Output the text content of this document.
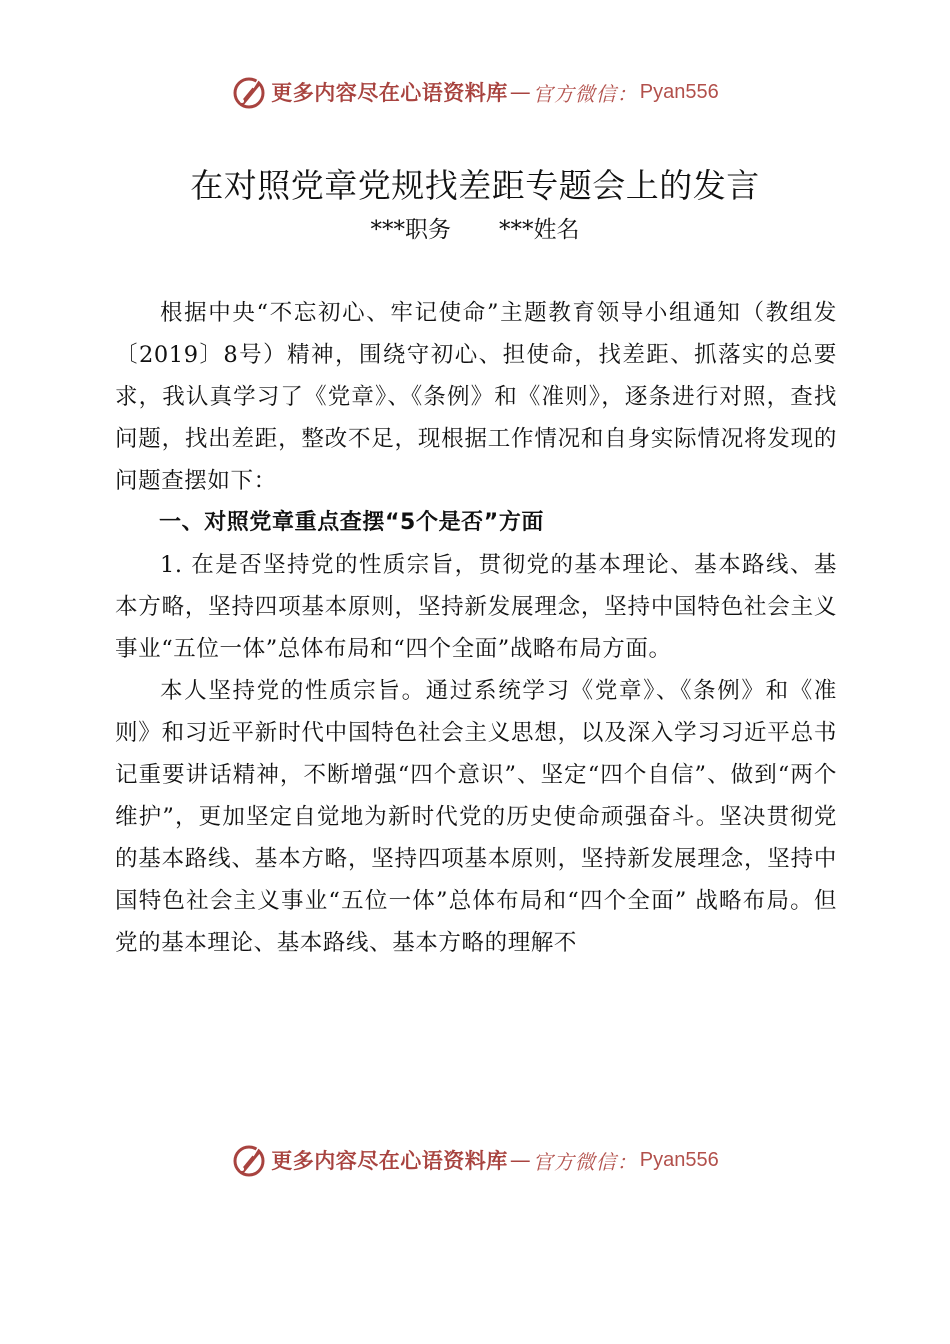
更多内容尽在心语资料库 — 官方微信： Pyan556
在对照党章党规找差距专题会上的发言
***职务 ***姓名

根据中央“不忘初心、牢记使命”主题教育领导小组通知（教组发〔2019〕8号）精神，围绕守初心、担使命，找差距、抓落实的总要求，我认真学习了《党章》、《条例》和《准则》，逐条进行对照，查找问题，找出差距，整改不足，现根据工作情况和自身实际情况将发现的问题查摆如下：

一、对照党章重点查摆“5个是否”方面

1. 在是否坚持党的性质宗旨，贯彻党的基本理论、基本路线、基本方略，坚持四项基本原则，坚持新发展理念，坚持中国特色社会主义事业“五位一体”总体布局和“四个全面”战略布局方面。

本人坚持党的性质宗旨。通过系统学习《党章》、《条例》和《准则》和习近平新时代中国特色社会主义思想，以及深入学习习近平总书记重要讲话精神，不断增强“四个意识”、坚定“四个自信”、做到“两个维护”，更加坚定自觉地为新时代党的历史使命顽强奋斗。坚决贯彻党的基本路线、基本方略，坚持四项基本原则，坚持新发展理念，坚持中国特色社会主义事业“五位一体”总体布局和“四个全面” 战略布局。但党的基本理论、基本路线、基本方略的理解不

更多内容尽在心语资料库 — 官方微信： Pyan556
